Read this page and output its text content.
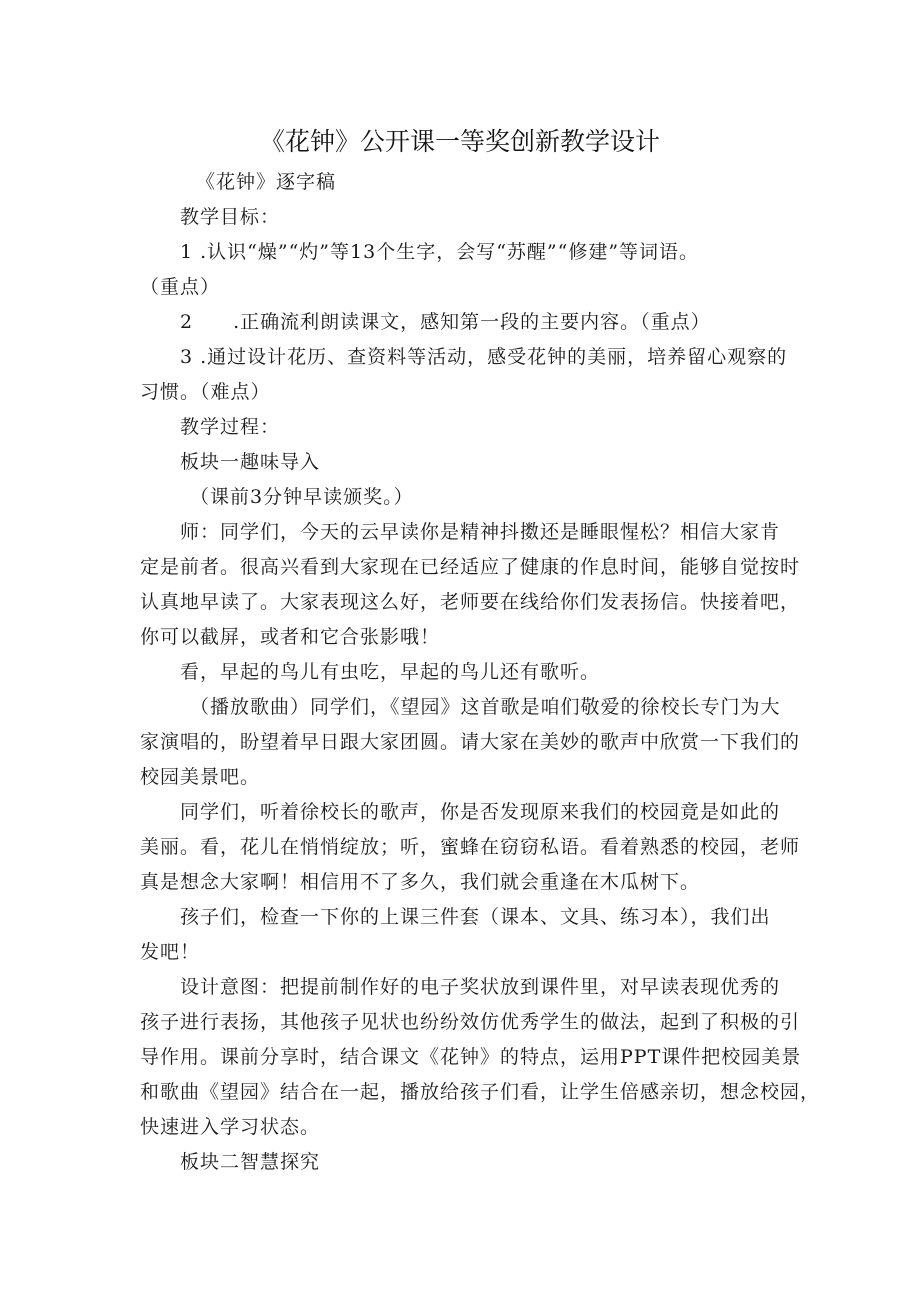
《花钟》公开课一等奖创新教学设计
《花钟》逐字稿
教学目标：
1 .认识“燥”“灼”等13个生字，会写“苏醒”“修建”等词语。
（重点）
2　　.正确流利朗读课文，感知第一段的主要内容。（重点）
3 .通过设计花历、查资料等活动，感受花钟的美丽，培养留心观察的
习惯。（难点）
教学过程：
板块一趣味导入
（课前3分钟早读颁奖。）
师：同学们，今天的云早读你是精神抖擞还是睡眼惺松？相信大家肯
定是前者。很高兴看到大家现在已经适应了健康的作息时间，能够自觉按时
认真地早读了。大家表现这么好，老师要在线给你们发表扬信。快接着吧，
你可以截屏，或者和它合张影哦！
看，早起的鸟儿有虫吃，早起的鸟儿还有歌听。
（播放歌曲）同学们，《望园》这首歌是咱们敬爱的徐校长专门为大
家演唱的，盼望着早日跟大家团圆。请大家在美妙的歌声中欣赏一下我们的
校园美景吧。
同学们，听着徐校长的歌声，你是否发现原来我们的校园竟是如此的
美丽。看，花儿在悄悄绽放；听，蜜蜂在窃窃私语。看着熟悉的校园，老师
真是想念大家啊！相信用不了多久，我们就会重逢在木瓜树下。
孩子们，检查一下你的上课三件套（课本、文具、练习本），我们出
发吧！
设计意图：把提前制作好的电子奖状放到课件里，对早读表现优秀的
孩子进行表扬，其他孩子见状也纷纷效仿优秀学生的做法，起到了积极的引
导作用。课前分享时，结合课文《花钟》的特点，运用PPT课件把校园美景
和歌曲《望园》结合在一起，播放给孩子们看，让学生倍感亲切，想念校园，
快速进入学习状态。
板块二智慧探究
